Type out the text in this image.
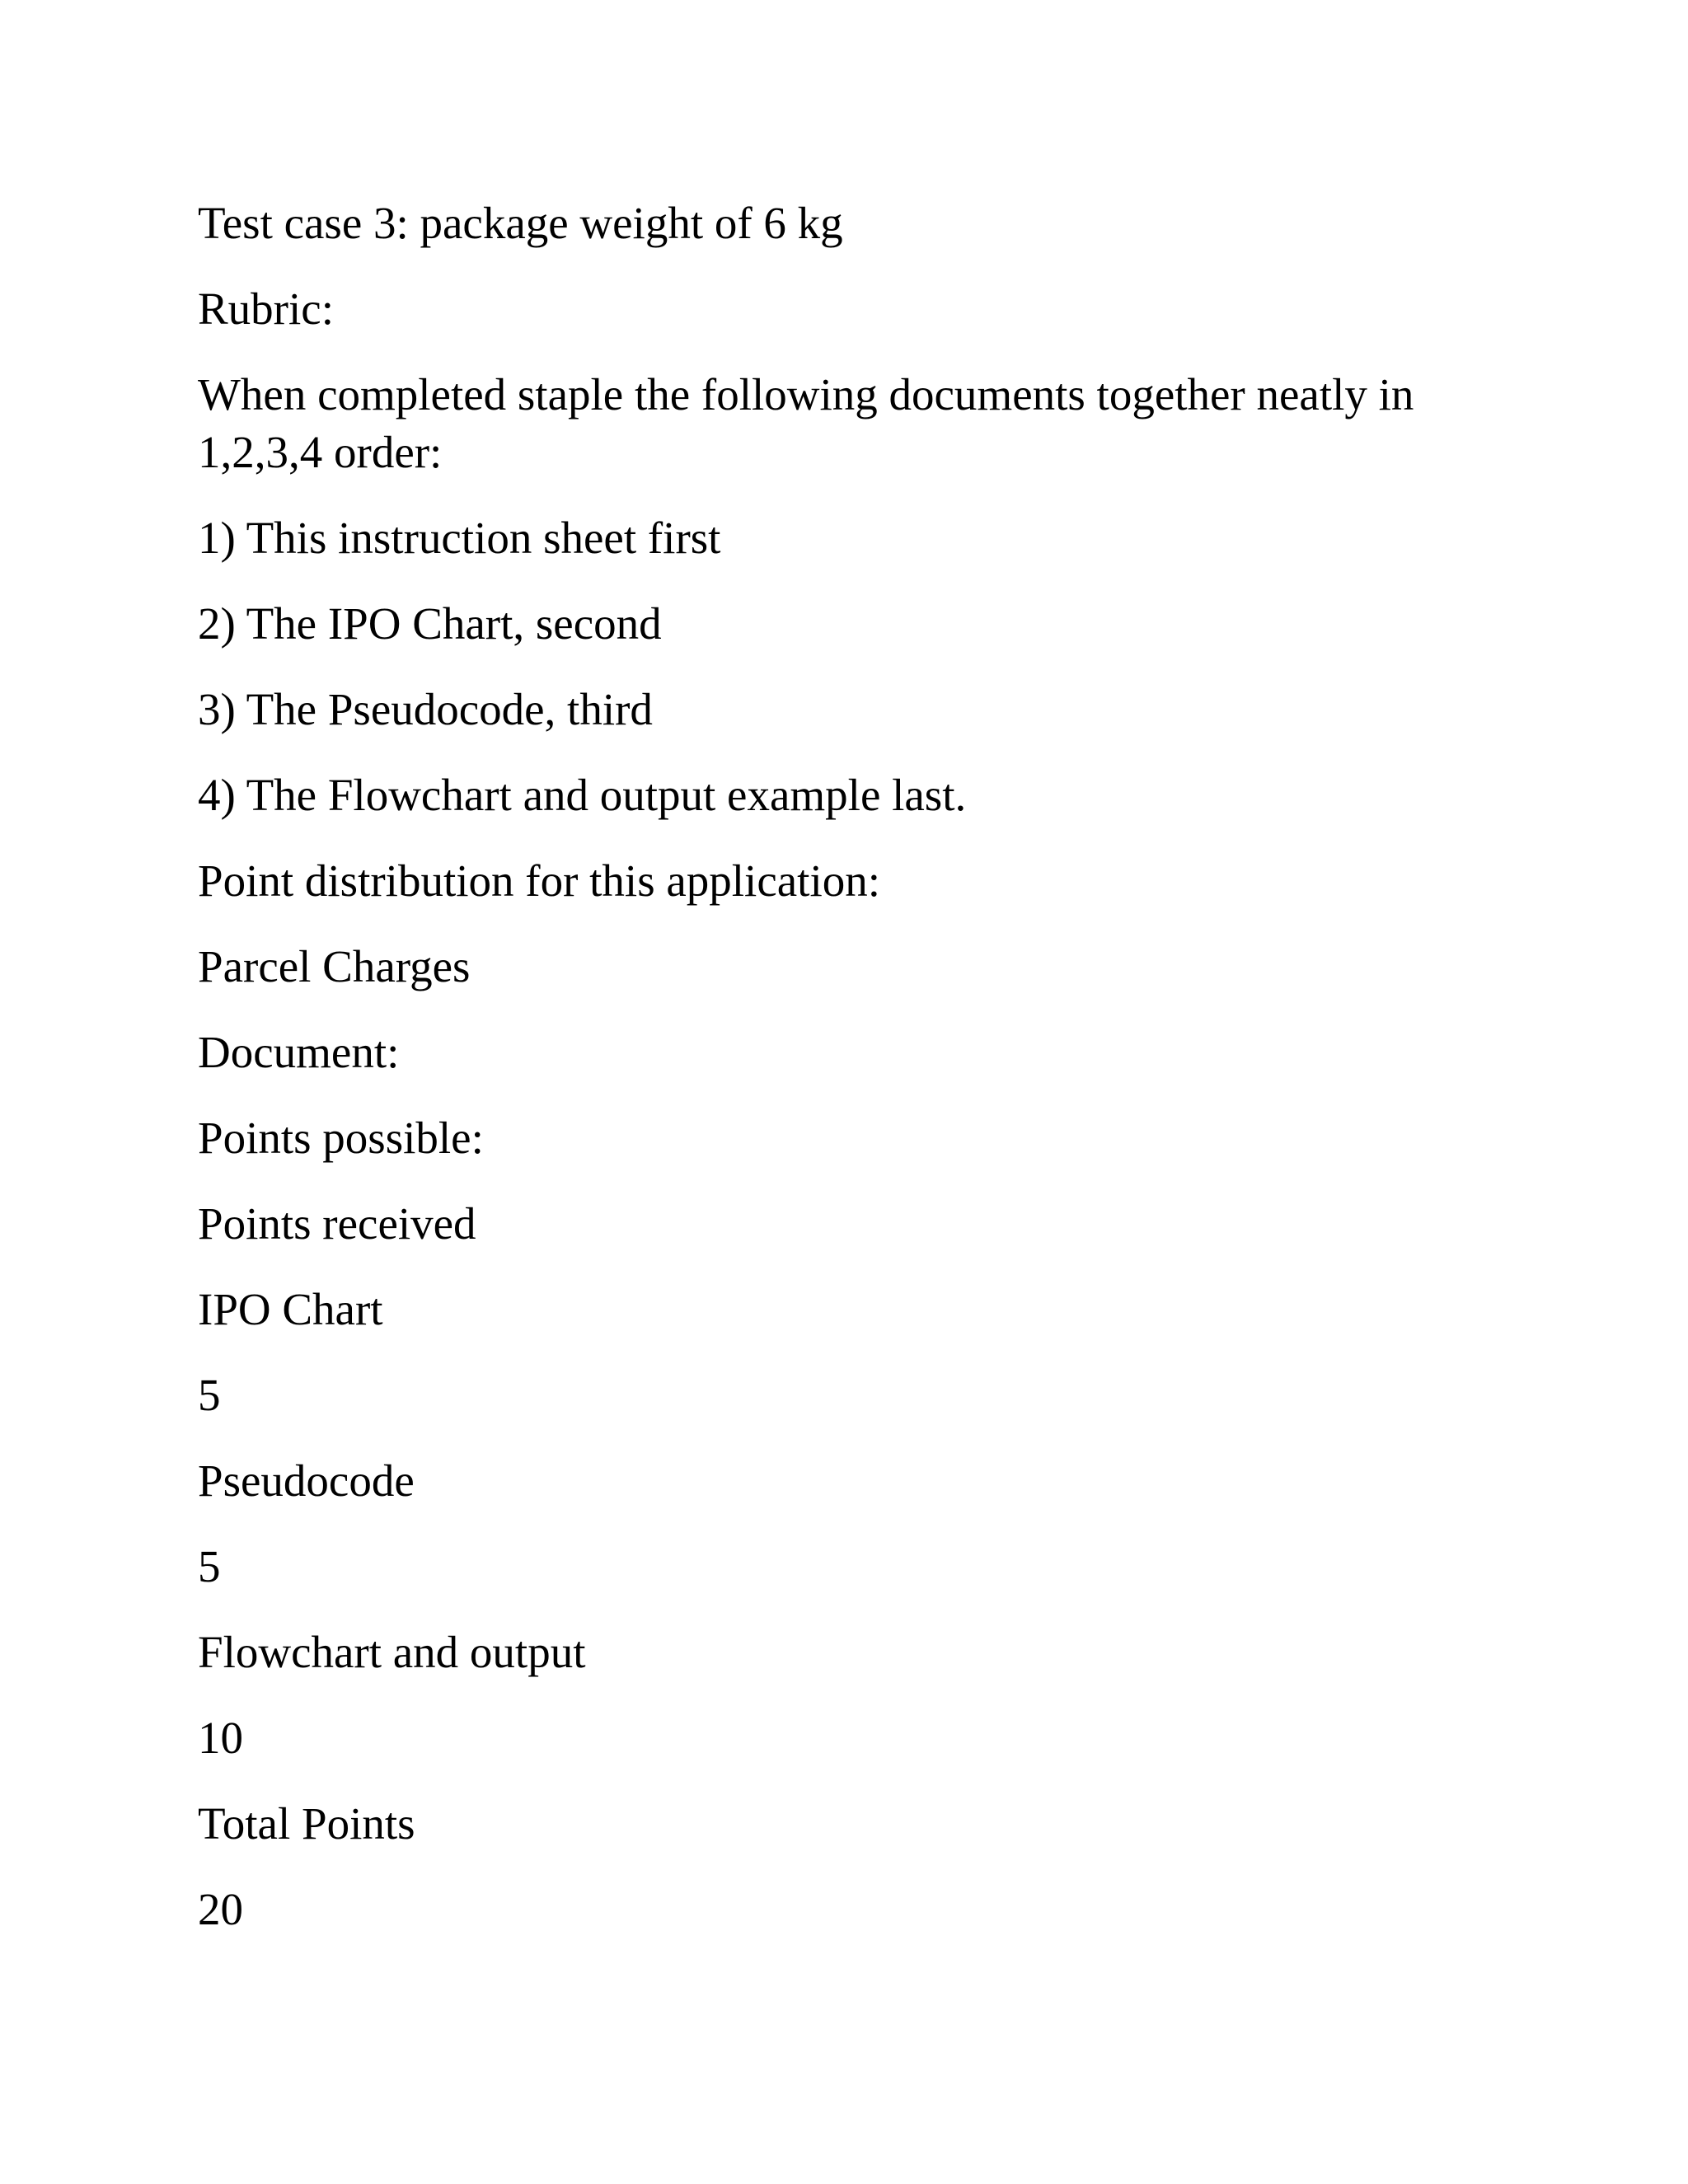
Test case 3: package weight of 6 kg

Rubric:

When completed staple the following documents together neatly in 1,2,3,4 order:

1) This instruction sheet first

2) The IPO Chart, second

3) The Pseudocode, third

4) The Flowchart and output example last.

Point distribution for this application:

Parcel Charges

Document:

Points possible:

Points received

IPO Chart

5

Pseudocode

5

Flowchart and output

10

Total Points

20
